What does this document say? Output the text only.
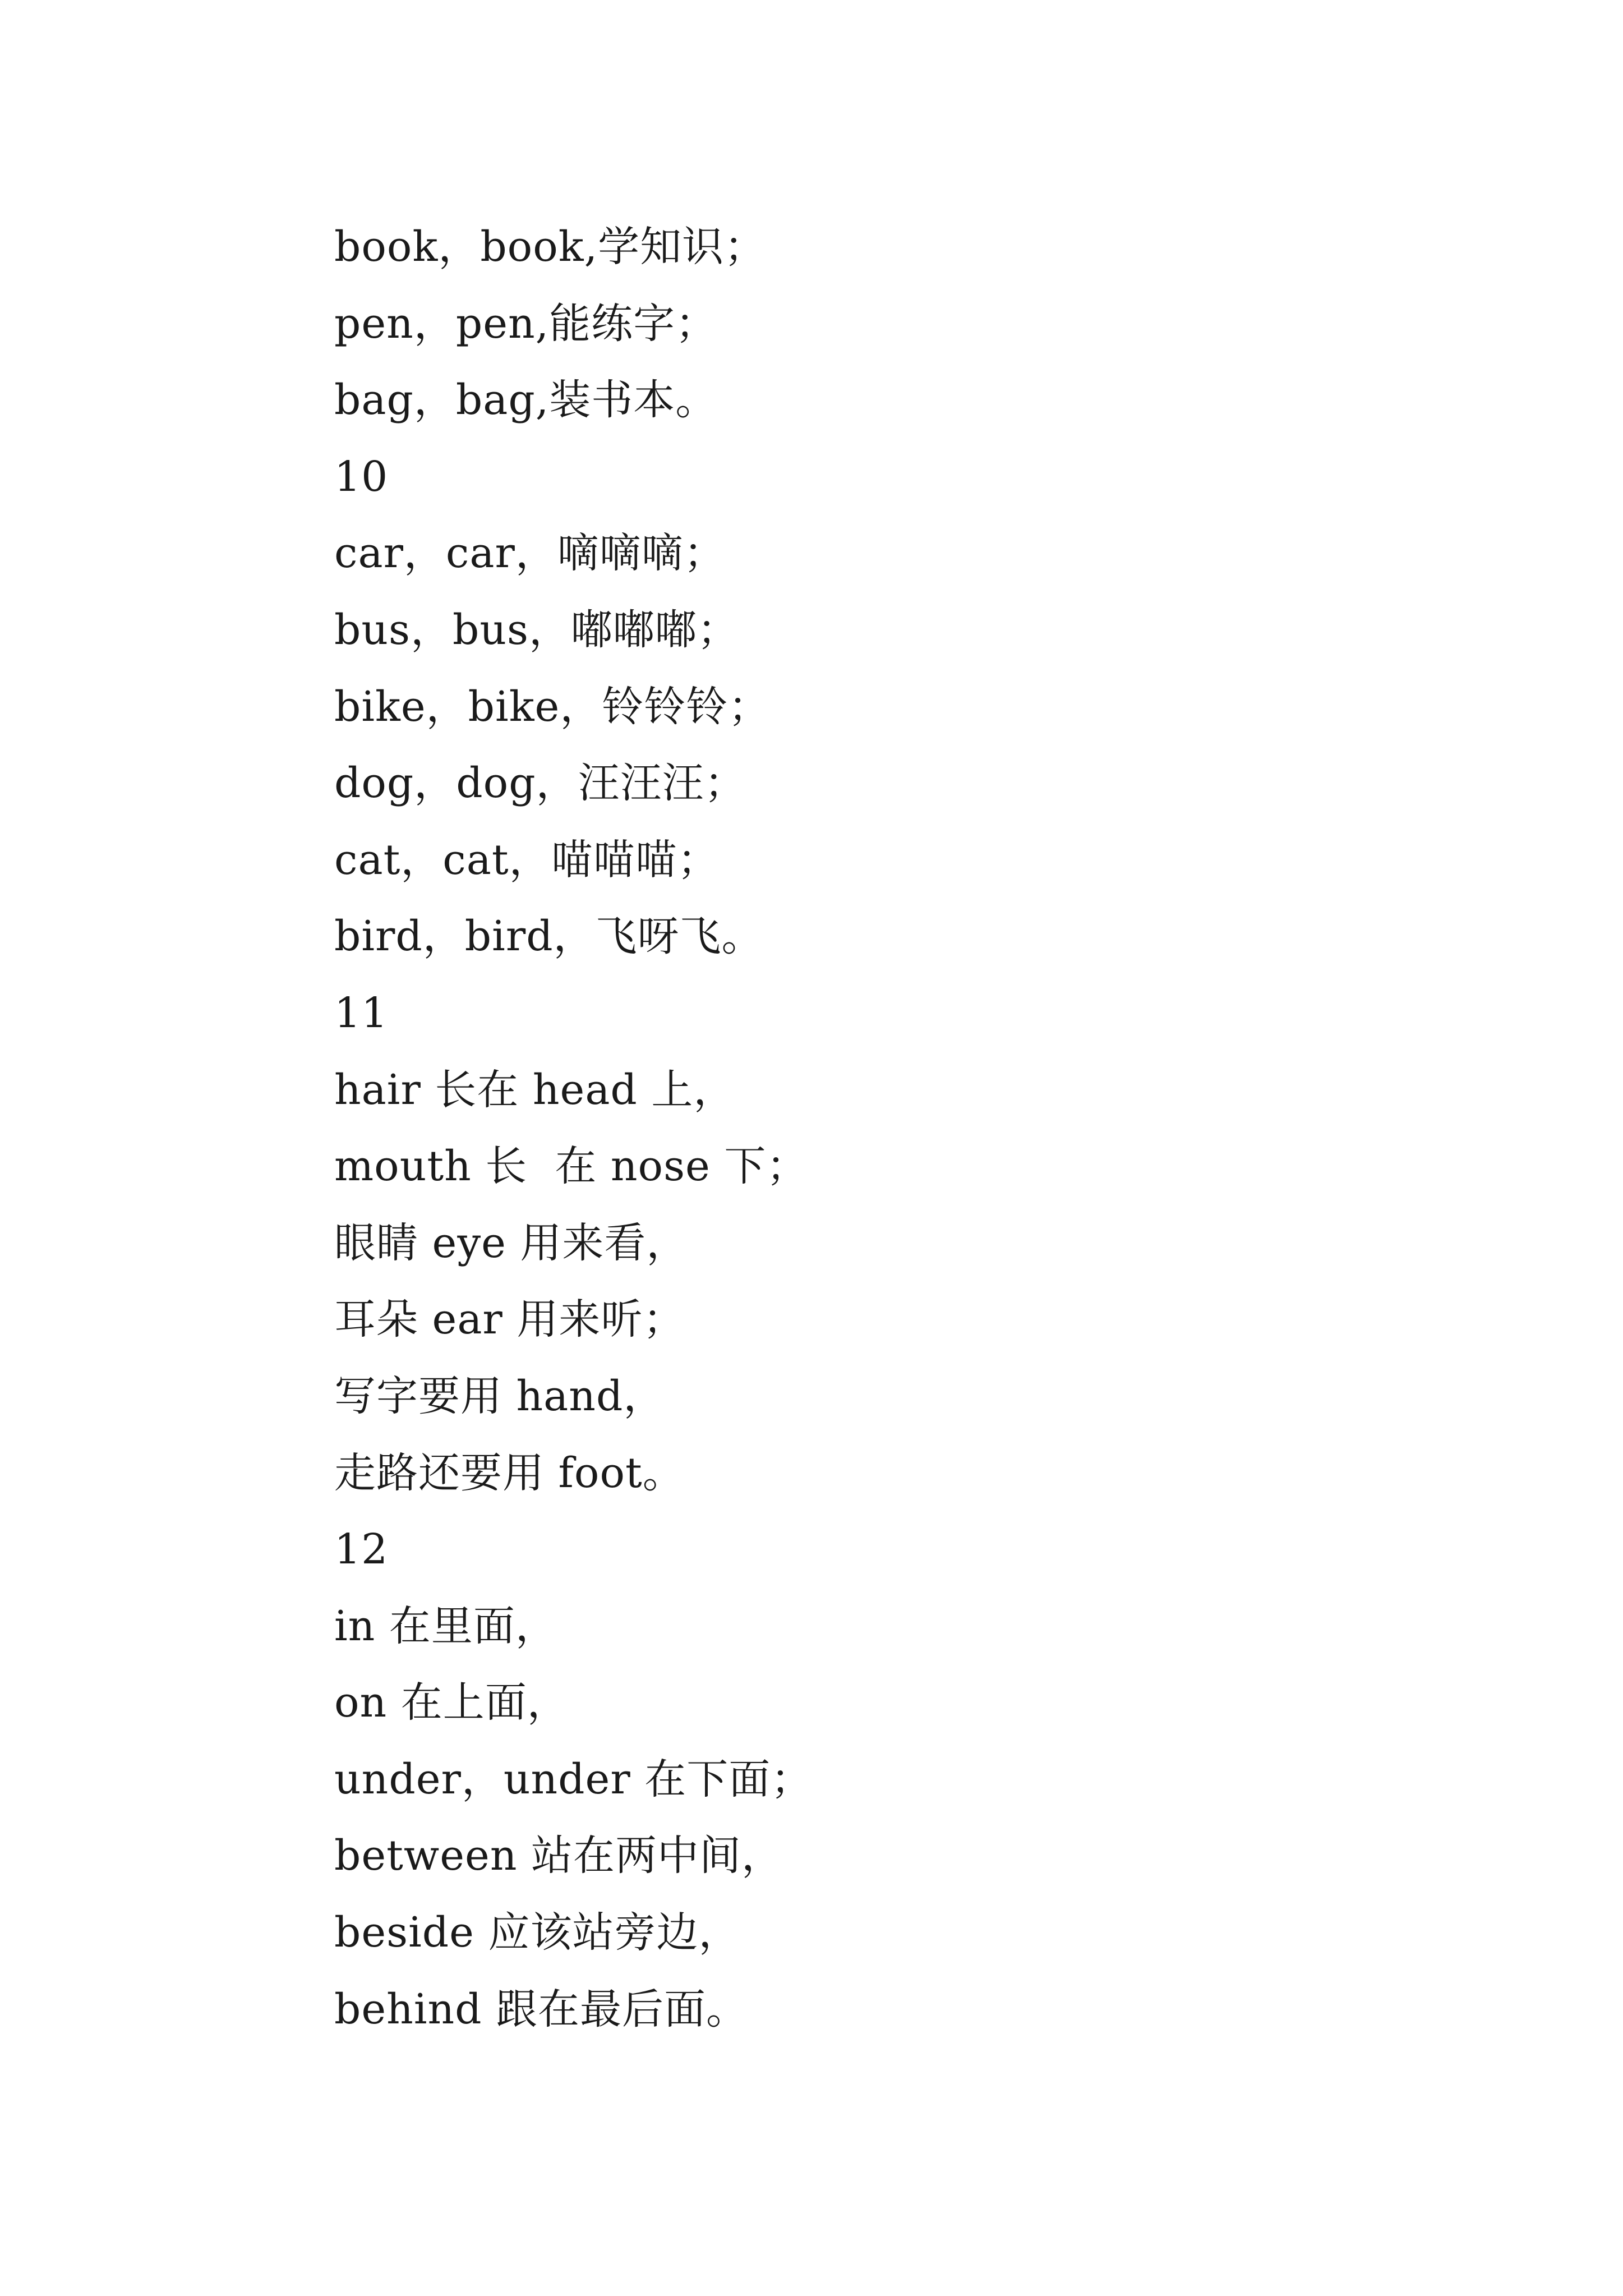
book，book,学知识；
pen，pen,能练字；
bag，bag,装书本。
10
car，car，嘀嘀嘀；
bus，bus，嘟嘟嘟；
bike，bike，铃铃铃；
dog，dog，汪汪汪；
cat，cat，喵喵喵；
bird，bird，飞呀飞。
11
hair 长在 head 上，
mouth 长  在 nose 下；
眼睛 eye 用来看，
耳朵 ear 用来听；
写字要用 hand，
走路还要用 foot。
12
in 在里面，
on 在上面，
under，under 在下面；
between 站在两中间，
beside 应该站旁边，
behind 跟在最后面。
